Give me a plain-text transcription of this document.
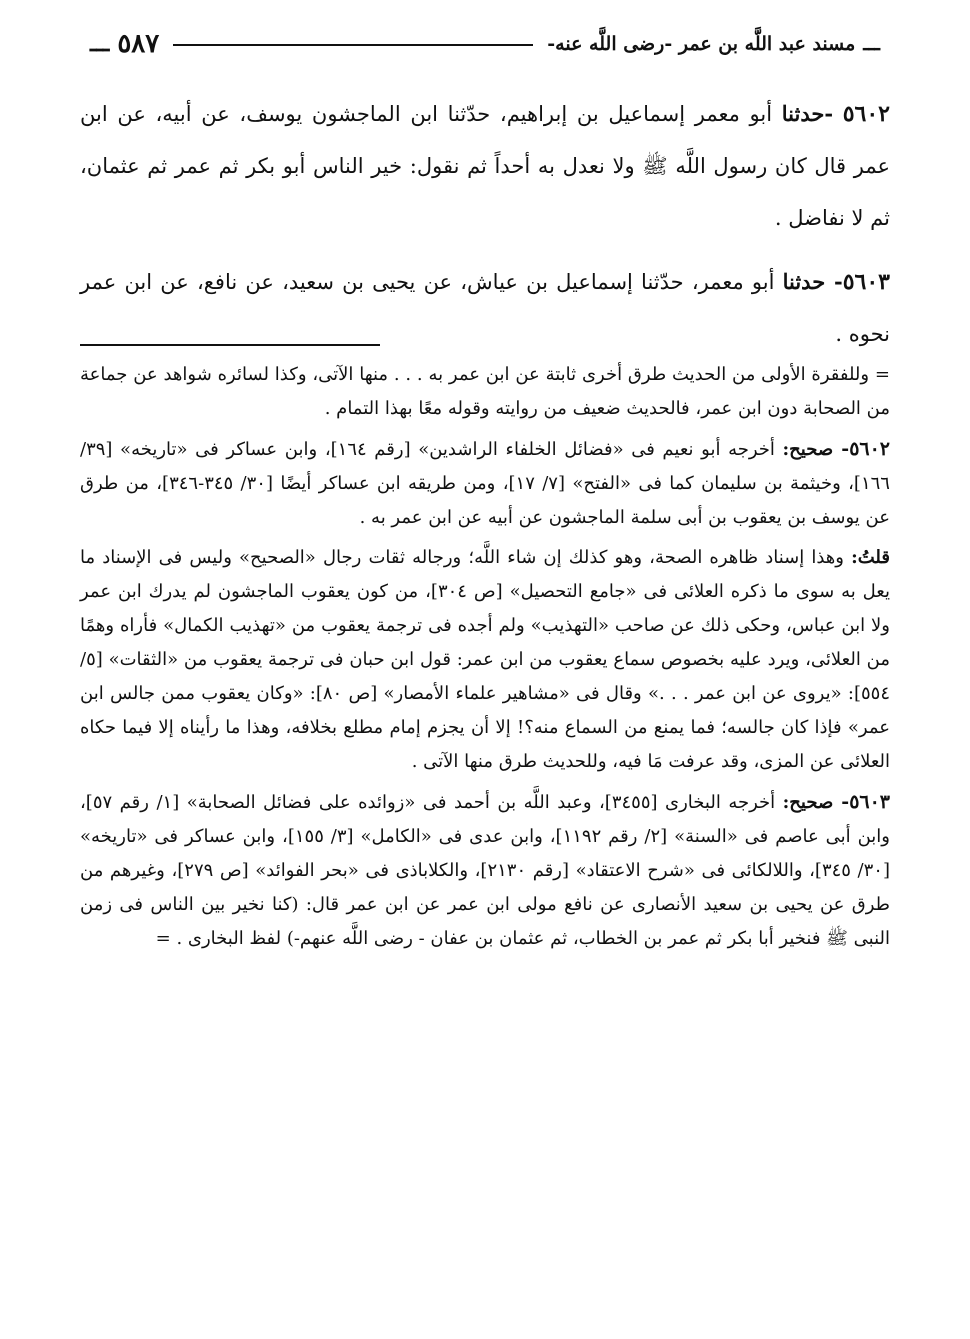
ـــ
مسند عبد اللَّه بن عمر -رضى اللَّه عنه-
٥٨٧
ـــ

٥٦٠٢ -حدثنا أبو معمر إسماعيل بن إبراهيم، حدّثنا ابن الماجشون يوسف، عن أبيه، عن ابن عمر قال كان رسول اللَّه ﷺ ولا نعدل به أحداً ثم نقول: خير الناس أبو بكر ثم عمر ثم عثمان، ثم لا نفاضل .

٥٦٠٣- حدثنا أبو معمر، حدّثنا إسماعيل بن عياش، عن يحيى بن سعيد، عن نافع، عن ابن عمر نحوه .

= وللفقرة الأولى من الحديث طرق أخرى ثابتة عن ابن عمر به . . . منها الآتى، وكذا لسائره شواهد عن جماعة من الصحابة دون ابن عمر، فالحديث ضعيف من روايته وقوله معًا بهذا التمام .

٥٦٠٢- صحيح: أخرجه أبو نعيم فى «فضائل الخلفاء الراشدين» [رقم ١٦٤]، وابن عساكر فى «تاريخه» [٣٩/ ١٦٦]، وخيثمة بن سليمان كما فى «الفتح» [٧/ ١٧]، ومن طريقه ابن عساكر أيضًا [٣٠/ ٣٤٥-٣٤٦]، من طرق عن يوسف بن يعقوب بن أبى سلمة الماجشون عن أبيه عن ابن عمر به .

قلتُ: وهذا إسناد ظاهره الصحة، وهو كذلك إن شاء اللَّه؛ ورجاله ثقات رجال «الصحيح» وليس فى الإسناد ما يعل به سوى ما ذكره العلائى فى «جامع التحصيل» [ص ٣٠٤]، من كون يعقوب الماجشون لم يدرك ابن عمر ولا ابن عباس، وحكى ذلك عن صاحب «التهذيب» ولم أجده فى ترجمة يعقوب من «تهذيب الكمال» فأراه وهمًا من العلائى، ويرد عليه بخصوص سماع يعقوب من ابن عمر: قول ابن حبان فى ترجمة يعقوب من «الثقات» [٥/ ٥٥٤]: «يروى عن ابن عمر . . .» وقال فى «مشاهير علماء الأمصار» [ص ٨٠]: «وكان يعقوب ممن جالس ابن عمر» فإذا كان جالسه؛ فما يمنع من السماع منه؟! إلا أن يجزم إمام مطلع بخلافه، وهذا ما رأيناه إلا فيما حكاه العلائى عن المزى، وقد عرفت مَا فيه، وللحديث طرق منها الآتى .

٥٦٠٣- صحيح: أخرجه البخارى [٣٤٥٥]، وعبد اللَّه بن أحمد فى «زوائده على فضائل الصحابة» [١/ رقم ٥٧]، وابن أبى عاصم فى «السنة» [٢/ رقم ١١٩٢]، وابن عدى فى «الكامل» [٣/ ١٥٥]، وابن عساكر فى «تاريخه» [٣٠/ ٣٤٥]، واللالكائى فى «شرح الاعتقاد» [رقم ٢١٣٠]، والكلاباذى فى «بحر الفوائد» [ص ٢٧٩]، وغيرهم من طرق عن يحيى بن سعيد الأنصارى عن نافع مولى ابن عمر عن ابن عمر قال: (كنا نخير بين الناس فى زمن النبى ﷺ فنخير أبا بكر ثم عمر بن الخطاب، ثم عثمان بن عفان - رضى اللَّه عنهم-) لفظ البخارى . =
